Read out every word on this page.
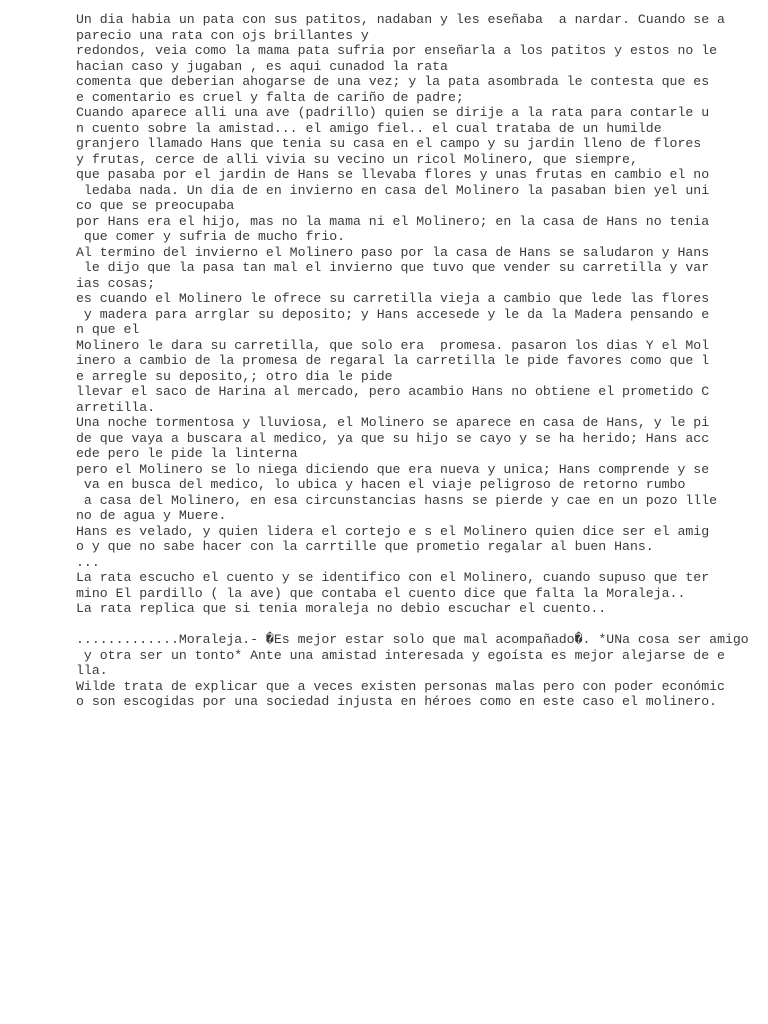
Un dia habia un pata con sus patitos, nadaban y les eseñaba  a nardar. Cuando se a
parecio una rata con ojs brillantes y
redondos, veia como la mama pata sufria por enseñarla a los patitos y estos no le
hacian caso y jugaban , es aqui cunadod la rata
comenta que deberian ahogarse de una vez; y la pata asombrada le contesta que es
e comentario es cruel y falta de cariño de padre;
Cuando aparece alli una ave (padrillo) quien se dirije a la rata para contarle u
n cuento sobre la amistad... el amigo fiel.. el cual trataba de un humilde
granjero llamado Hans que tenia su casa en el campo y su jardin lleno de flores
y frutas, cerce de alli vivia su vecino un ricol Molinero, que siempre,
que pasaba por el jardin de Hans se llevaba flores y unas frutas en cambio el no
ledaba nada. Un dia de en invierno en casa del Molinero la pasaban bien yel uni
co que se preocupaba
por Hans era el hijo, mas no la mama ni el Molinero; en la casa de Hans no tenia
que comer y sufria de mucho frio.
Al termino del invierno el Molinero paso por la casa de Hans se saludaron y Hans
le dijo que la pasa tan mal el invierno que tuvo que vender su carretilla y var
ias cosas;
es cuando el Molinero le ofrece su carretilla vieja a cambio que lede las flores
y madera para arrglar su deposito; y Hans accesede y le da la Madera pensando e
n que el
Molinero le dara su carretilla, que solo era  promesa. pasaron los dias Y el Mol
inero a cambio de la promesa de regaral la carretilla le pide favores como que l
e arregle su deposito,; otro dia le pide
llevar el saco de Harina al mercado, pero acambio Hans no obtiene el prometido C
arretilla.
Una noche tormentosa y lluviosa, el Molinero se aparece en casa de Hans, y le pi
de que vaya a buscara al medico, ya que su hijo se cayo y se ha herido; Hans acc
ede pero le pide la linterna
pero el Molinero se lo niega diciendo que era nueva y unica; Hans comprende y se
va en busca del medico, lo ubica y hacen el viaje peligroso de retorno rumbo
a casa del Molinero, en esa circunstancias hasns se pierde y cae en un pozo llle
no de agua y Muere.
Hans es velado, y quien lidera el cortejo e s el Molinero quien dice ser el amig
o y que no sabe hacer con la carrtille que prometio regalar al buen Hans.
...
La rata escucho el cuento y se identifico con el Molinero, cuando supuso que ter
mino El pardillo ( la ave) que contaba el cuento dice que falta la Moraleja..
La rata replica que si tenia moraleja no debio escuchar el cuento..
.............Moraleja.- �Es mejor estar solo que mal acompañado�. *UNa cosa ser amigo
y otra ser un tonto* Ante una amistad interesada y egoísta es mejor alejarse de e
lla.
Wilde trata de explicar que a veces existen personas malas pero con poder económic
o son escogidas por una sociedad injusta en héroes como en este caso el molinero.
